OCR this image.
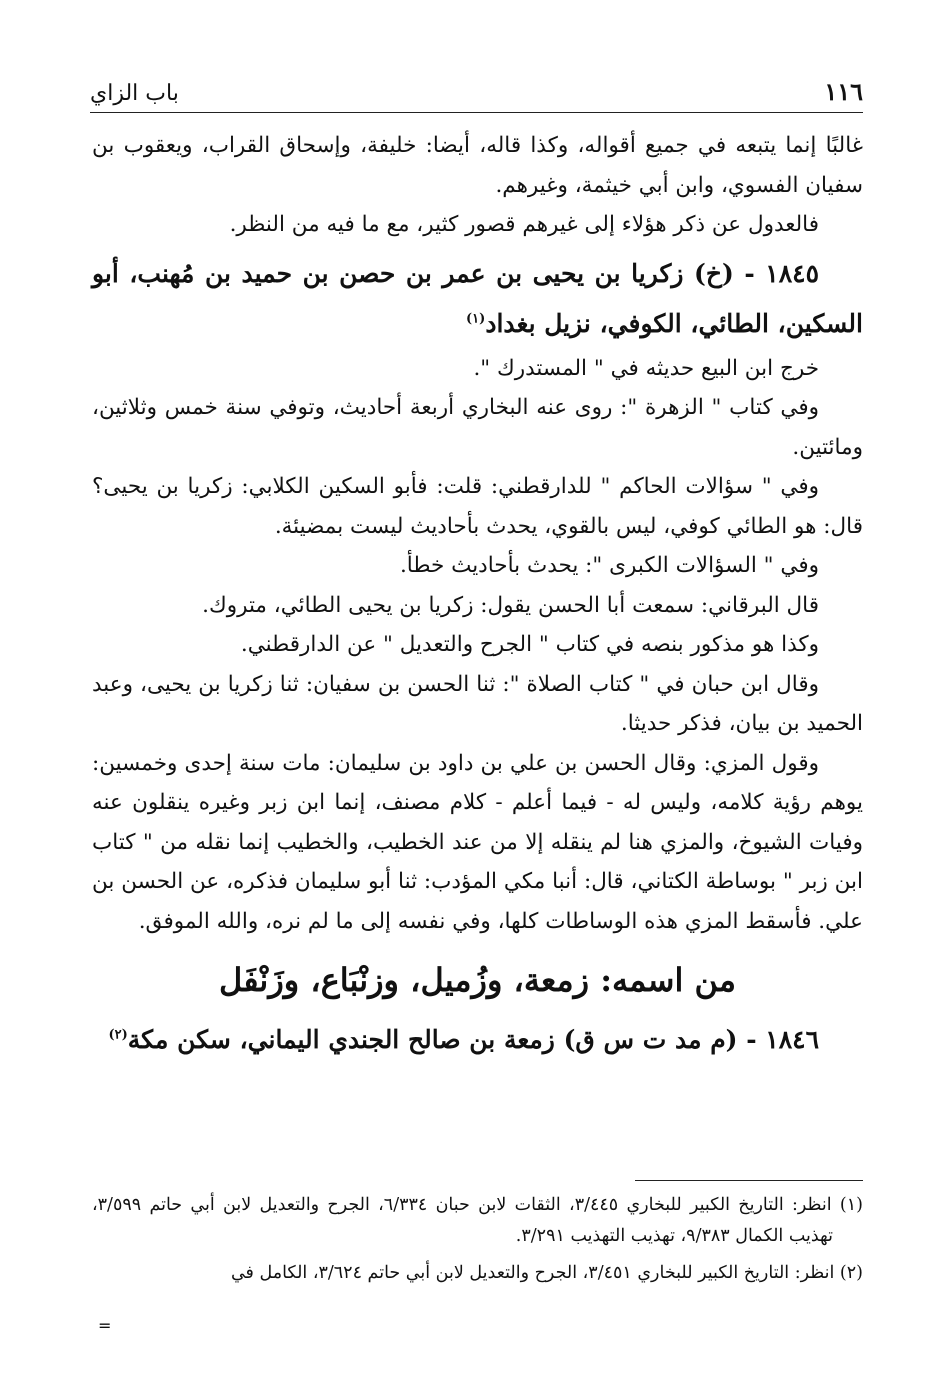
١١٦
باب الزاي

غالبًا إنما يتبعه في جميع أقواله، وكذا قاله، أيضا: خليفة، وإسحاق القراب، ويعقوب بن سفيان الفسوي، وابن أبي خيثمة، وغيرهم.

فالعدول عن ذكر هؤلاء إلى غيرهم قصور كثير، مع ما فيه من النظر.

١٨٤٥ - (خ) زكريا بن يحيى بن عمر بن حصن بن حميد بن مُهنب، أبو السكين، الطائي، الكوفي، نزيل بغداد$^{(١)}$

خرج ابن البيع حديثه في " المستدرك ".

وفي كتاب " الزهرة ": روى عنه البخاري أربعة أحاديث، وتوفي سنة خمس وثلاثين، ومائتين.

وفي " سؤالات الحاكم " للدارقطني: قلت: فأبو السكين الكلابي: زكريا بن يحيى؟ قال: هو الطائي كوفي، ليس بالقوي، يحدث بأحاديث ليست بمضيئة.

وفي " السؤالات الكبرى ": يحدث بأحاديث خطأ.

قال البرقاني: سمعت أبا الحسن يقول: زكريا بن يحيى الطائي، متروك.

وكذا هو مذكور بنصه في كتاب " الجرح والتعديل " عن الدارقطني.

وقال ابن حبان في " كتاب الصلاة ": ثنا الحسن بن سفيان: ثنا زكريا بن يحيى، وعبد الحميد بن بيان، فذكر حديثا.

وقول المزي: وقال الحسن بن علي بن داود بن سليمان: مات سنة إحدى وخمسين: يوهم رؤية كلامه، وليس له - فيما أعلم - كلام مصنف، إنما ابن زبر وغيره ينقلون عنه وفيات الشيوخ، والمزي هنا لم ينقله إلا من عند الخطيب، والخطيب إنما نقله من " كتاب ابن زبر " بوساطة الكتاني، قال: أنبا مكي المؤدب: ثنا أبو سليمان فذكره، عن الحسن بن علي. فأسقط المزي هذه الوساطات كلها، وفي نفسه إلى ما لم نره، والله الموفق.

من اسمه: زمعة، وزُميل، وزنْبَاع، وزَنْفَل

١٨٤٦ - (م مد ت س ق) زمعة بن صالح الجندي اليماني، سكن مكة$^{(٢)}$

(١) انظر: التاريخ الكبير للبخاري ٣/٤٤٥، الثقات لابن حبان ٦/٣٣٤، الجرح والتعديل لابن أبي حاتم ٣/٥٩٩، تهذيب الكمال ٩/٣٨٣، تهذيب التهذيب ٣/٢٩١.

(٢) انظر: التاريخ الكبير للبخاري ٣/٤٥١، الجرح والتعديل لابن أبي حاتم ٣/٦٢٤، الكامل في

=
